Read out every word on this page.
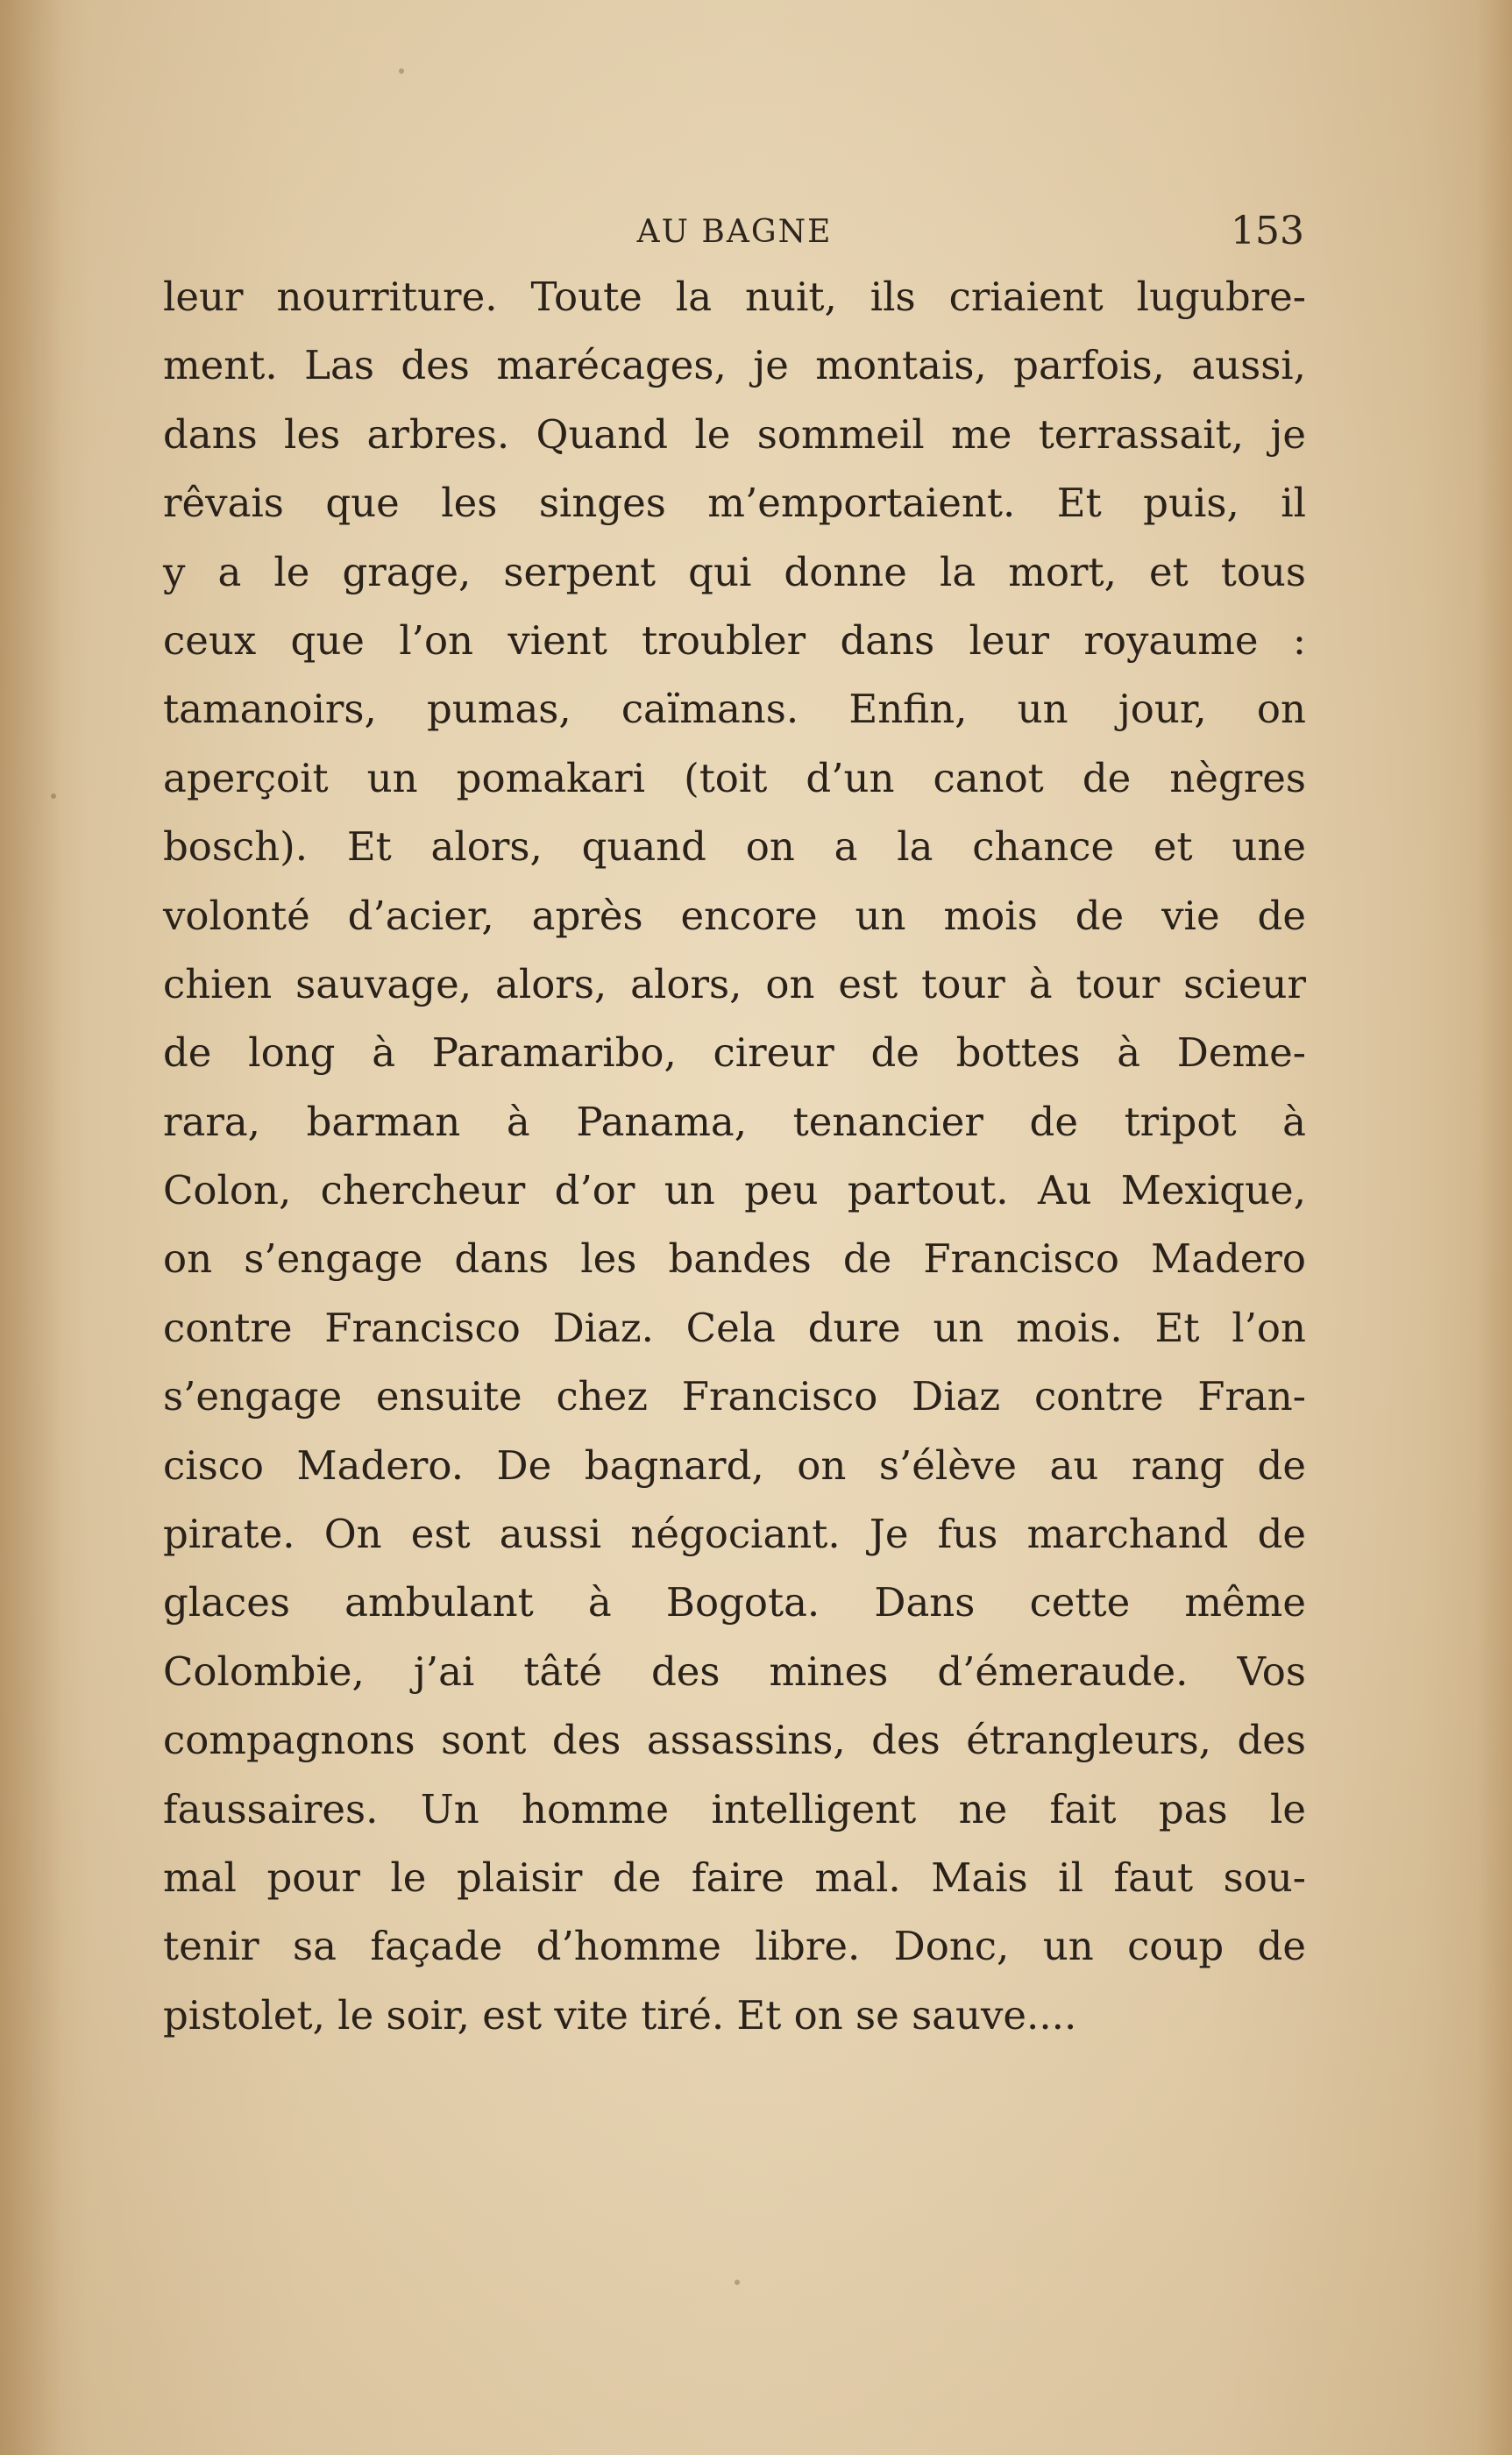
AU BAGNE	153
leur nourriture. Toute la nuit, ils criaient lugubre-
ment. Las des marécages, je montais, parfois, aussi,
dans les arbres. Quand le sommeil me terrassait, je
rêvais que les singes m’emportaient. Et puis, il
y a le grage, serpent qui donne la mort, et tous
ceux que l’on vient troubler dans leur royaume :
tamanoirs, pumas, caïmans. Enfin, un jour, on
aperçoit un pomakari (toit d’un canot de nègres
bosch). Et alors, quand on a la chance et une
volonté d’acier, après encore un mois de vie de
chien sauvage, alors, alors, on est tour à tour scieur
de long à Paramaribo, cireur de bottes à Deme-
rara, barman à Panama, tenancier de tripot à
Colon, chercheur d’or un peu partout. Au Mexique,
on s’engage dans les bandes de Francisco Madero
contre Francisco Diaz. Cela dure un mois. Et l’on
s’engage ensuite chez Francisco Diaz contre Fran-
cisco Madero. De bagnard, on s’élève au rang de
pirate. On est aussi négociant. Je fus marchand de
glaces ambulant à Bogota. Dans cette même
Colombie, j’ai tâté des mines d’émeraude. Vos
compagnons sont des assassins, des étrangleurs, des
faussaires. Un homme intelligent ne fait pas le
mal pour le plaisir de faire mal. Mais il faut sou-
tenir sa façade d’homme libre. Donc, un coup de
pistolet, le soir, est vite tiré. Et on se sauve....
